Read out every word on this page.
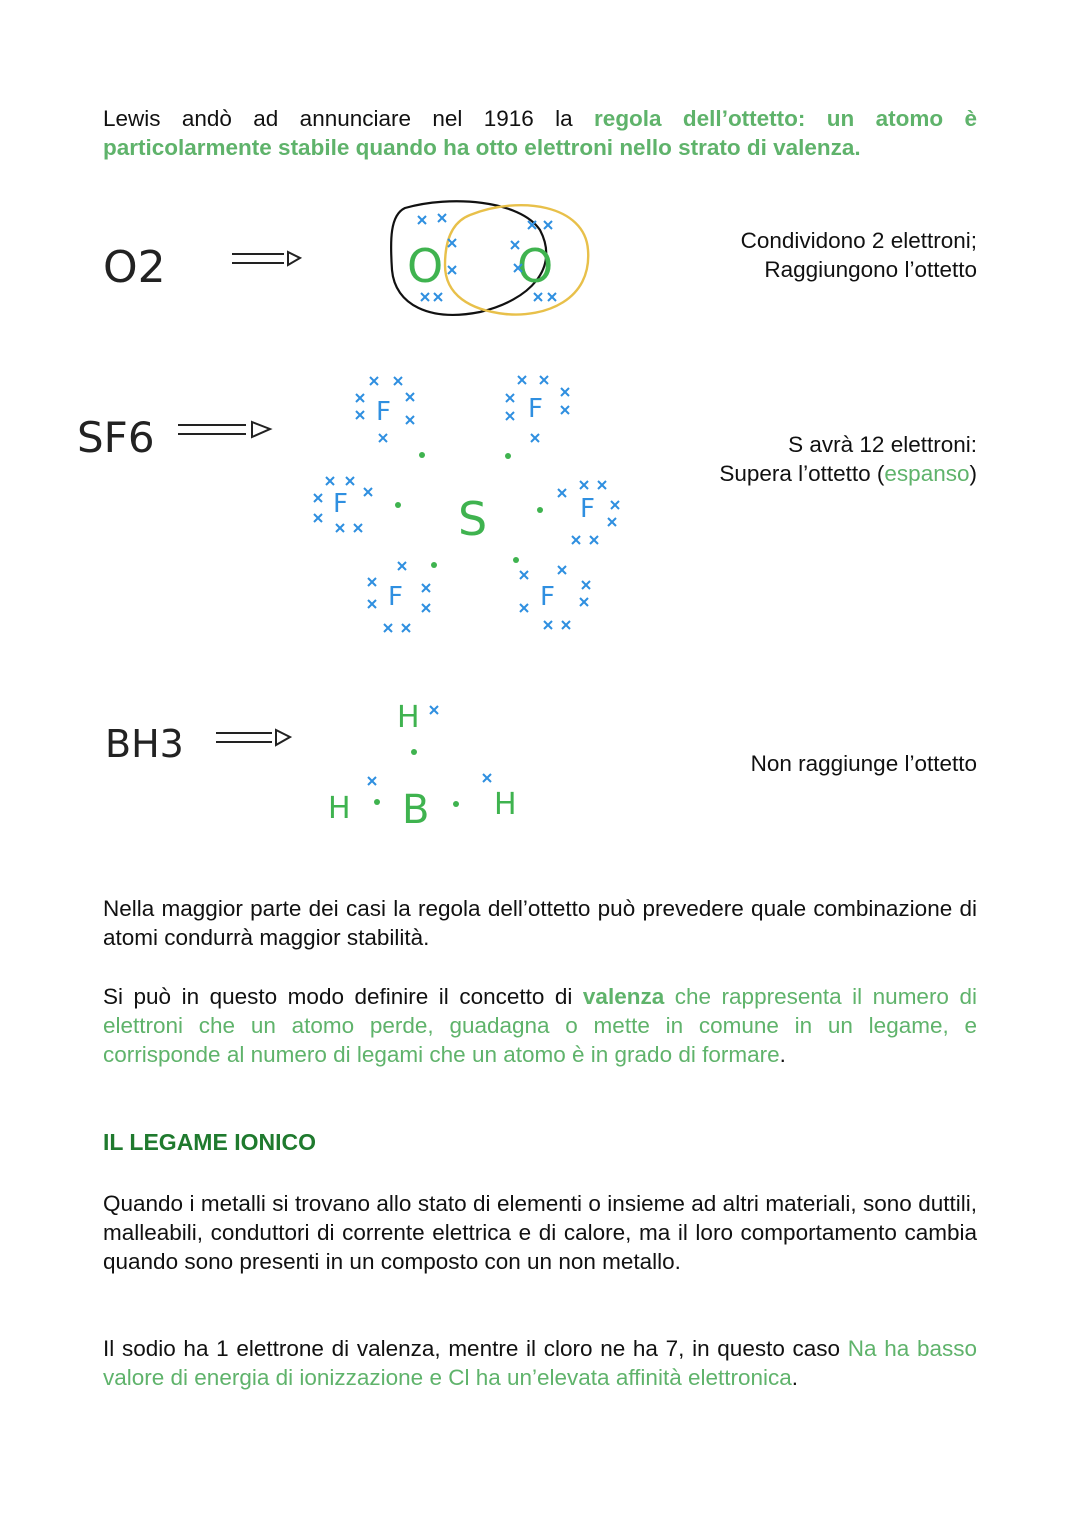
Lewis andò ad annunciare nel 1916 la regola dell’ottetto: un atomo è particolarmente stabile quando ha otto elettroni nello strato di valenza.
O2	O O
SF6
S
F	F
F	F
F	F
BH3
H
B
H	H
Condividono 2 elettroni;
Raggiungono l’ottetto
S avrà 12 elettroni:
Supera l’ottetto (espanso)
Non raggiunge l’ottetto
Nella maggior parte dei casi la regola dell’ottetto può prevedere quale combinazione di atomi condurrà maggior stabilità.
Si può in questo modo definire il concetto di valenza che rappresenta il numero di elettroni che un atomo perde, guadagna o mette in comune in un legame, e corrisponde al numero di legami che un atomo è in grado di formare.
IL LEGAME IONICO
Quando i metalli si trovano allo stato di elementi o insieme ad altri materiali, sono duttili, malleabili, conduttori di corrente elettrica e di calore, ma il loro comportamento cambia quando sono presenti in un composto con un non metallo.
Il sodio ha 1 elettrone di valenza, mentre il cloro ne ha 7, in questo caso Na ha basso valore di energia di ionizzazione e Cl ha un’elevata affinità elettronica.
